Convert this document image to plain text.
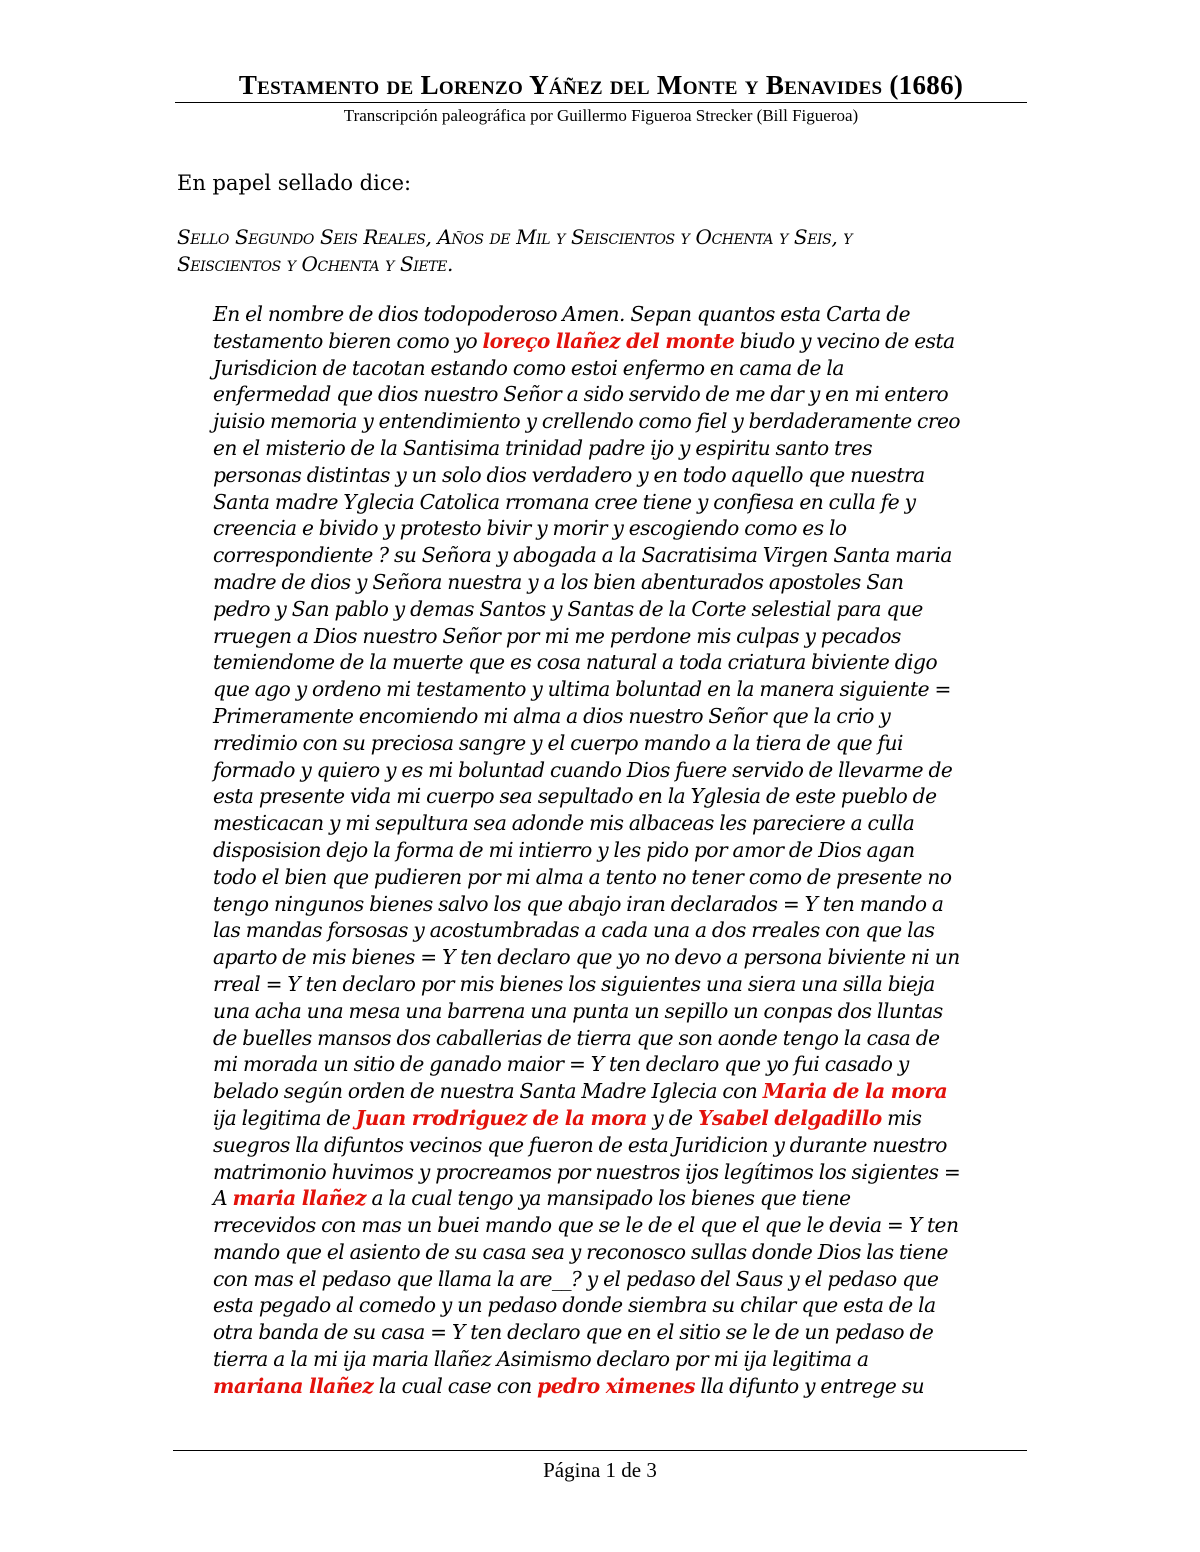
Testamento de Lorenzo Yáñez del Monte y Benavides (1686)
Transcripción paleográfica por Guillermo Figueroa Strecker (Bill Figueroa)
En papel sellado dice:
Sello Segundo Seis Reales, Años de Mil y Seiscientos y Ochenta y Seis, y
Seiscientos y Ochenta y Siete.
En el nombre de dios todopoderoso Amen. Sepan quantos esta Carta de
testamento bieren como yo loreço llañez del monte biudo y vecino de esta
Jurisdicion de tacotan estando como estoi enfermo en cama de la
enfermedad que dios nuestro Señor a sido servido de me dar y en mi entero
juisio memoria y entendimiento y crellendo como fiel y berdaderamente creo
en el misterio de la Santisima trinidad padre ijo y espiritu santo tres
personas distintas y un solo dios verdadero y en todo aquello que nuestra
Santa madre Yglecia Catolica rromana cree tiene y confiesa en culla fe y
creencia e bivido y protesto bivir y morir y escogiendo como es lo
correspondiente ? su Señora y abogada a la Sacratisima Virgen Santa maria
madre de dios y Señora nuestra y a los bien abenturados apostoles San
pedro y San pablo y demas Santos y Santas de la Corte selestial para que
rruegen a Dios nuestro Señor por mi me perdone mis culpas y pecados
temiendome de la muerte que es cosa natural a toda criatura biviente digo
que ago y ordeno mi testamento y ultima boluntad en la manera siguiente =
Primeramente encomiendo mi alma a dios nuestro Señor que la crio y
rredimio con su preciosa sangre y el cuerpo mando a la tiera de que fui
formado y quiero y es mi boluntad cuando Dios fuere servido de llevarme de
esta presente vida mi cuerpo sea sepultado en la Yglesia de este pueblo de
mesticacan y mi sepultura sea adonde mis albaceas les pareciere a culla
disposision dejo la forma de mi intierro y les pido por amor de Dios agan
todo el bien que pudieren por mi alma a tento no tener como de presente no
tengo ningunos bienes salvo los que abajo iran declarados = Y ten mando a
las mandas forsosas y acostumbradas a cada una a dos rreales con que las
aparto de mis bienes = Y ten declaro que yo no devo a persona biviente ni un
rreal = Y ten declaro por mis bienes los siguientes una siera una silla bieja
una acha una mesa una barrena una punta un sepillo un conpas dos lluntas
de buelles mansos dos caballerias de tierra que son aonde tengo la casa de
mi morada un sitio de ganado maior = Y ten declaro que yo fui casado y
belado según orden de nuestra Santa Madre Iglecia con Maria de la mora
ija legitima de Juan rrodriguez de la mora y de Ysabel delgadillo mis
suegros lla difuntos vecinos que fueron de esta Juridicion y durante nuestro
matrimonio huvimos y procreamos por nuestros ijos legítimos los sigientes =
A maria llañez a la cual tengo ya mansipado los bienes que tiene
rrecevidos con mas un buei mando que se le de el que el que le devia = Y ten
mando que el asiento de su casa sea y reconosco sullas donde Dios las tiene
con mas el pedaso que llama la are__? y el pedaso del Saus y el pedaso que
esta pegado al comedo y un pedaso donde siembra su chilar que esta de la
otra banda de su casa = Y ten declaro que en el sitio se le de un pedaso de
tierra a la mi ija maria llañez Asimismo declaro por mi ija legitima a
mariana llañez la cual case con pedro ximenes lla difunto y entrege su
Página 1 de 3
